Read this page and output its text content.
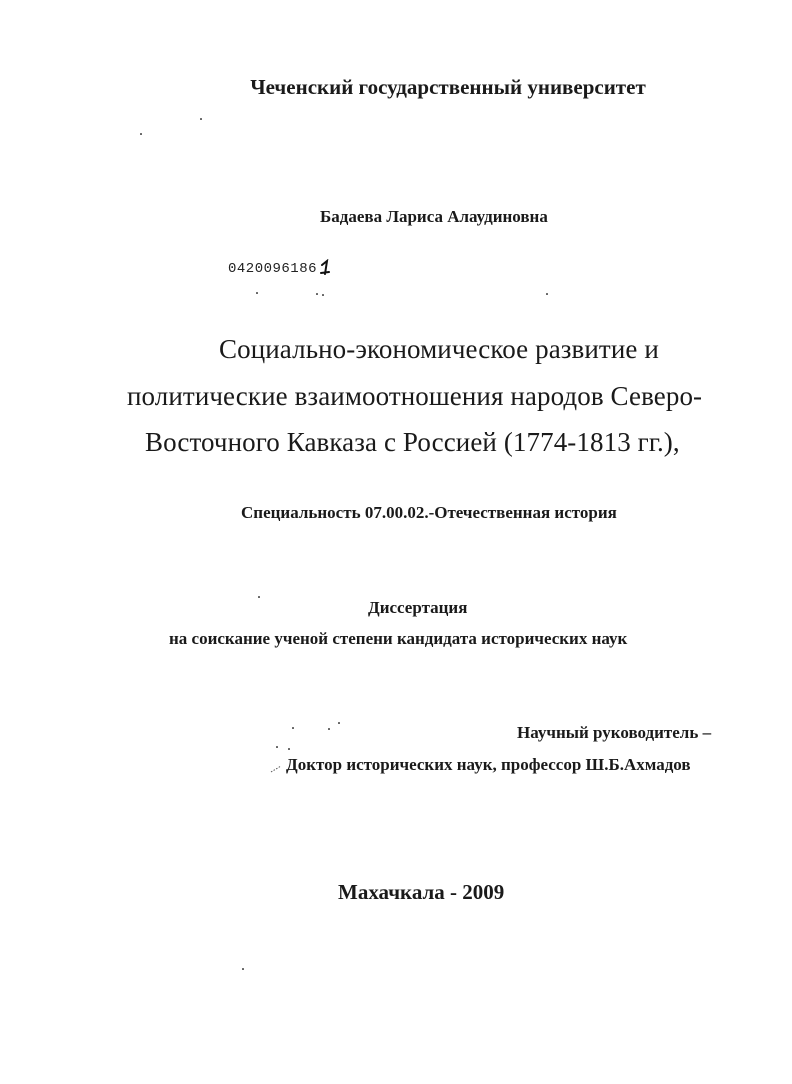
Чеченский государственный университет
Бадаева Лариса Алаудиновна
0420096186
Социально-экономическое развитие и
политические взаимоотношения народов Северо-
Восточного Кавказа с Россией (1774-1813 гг.),
Специальность 07.00.02.-Отечественная история
Диссертация
на соискание ученой степени кандидата исторических наук
Научный руководитель –
Доктор исторических наук, профессор Ш.Б.Ахмадов
Махачкала - 2009
